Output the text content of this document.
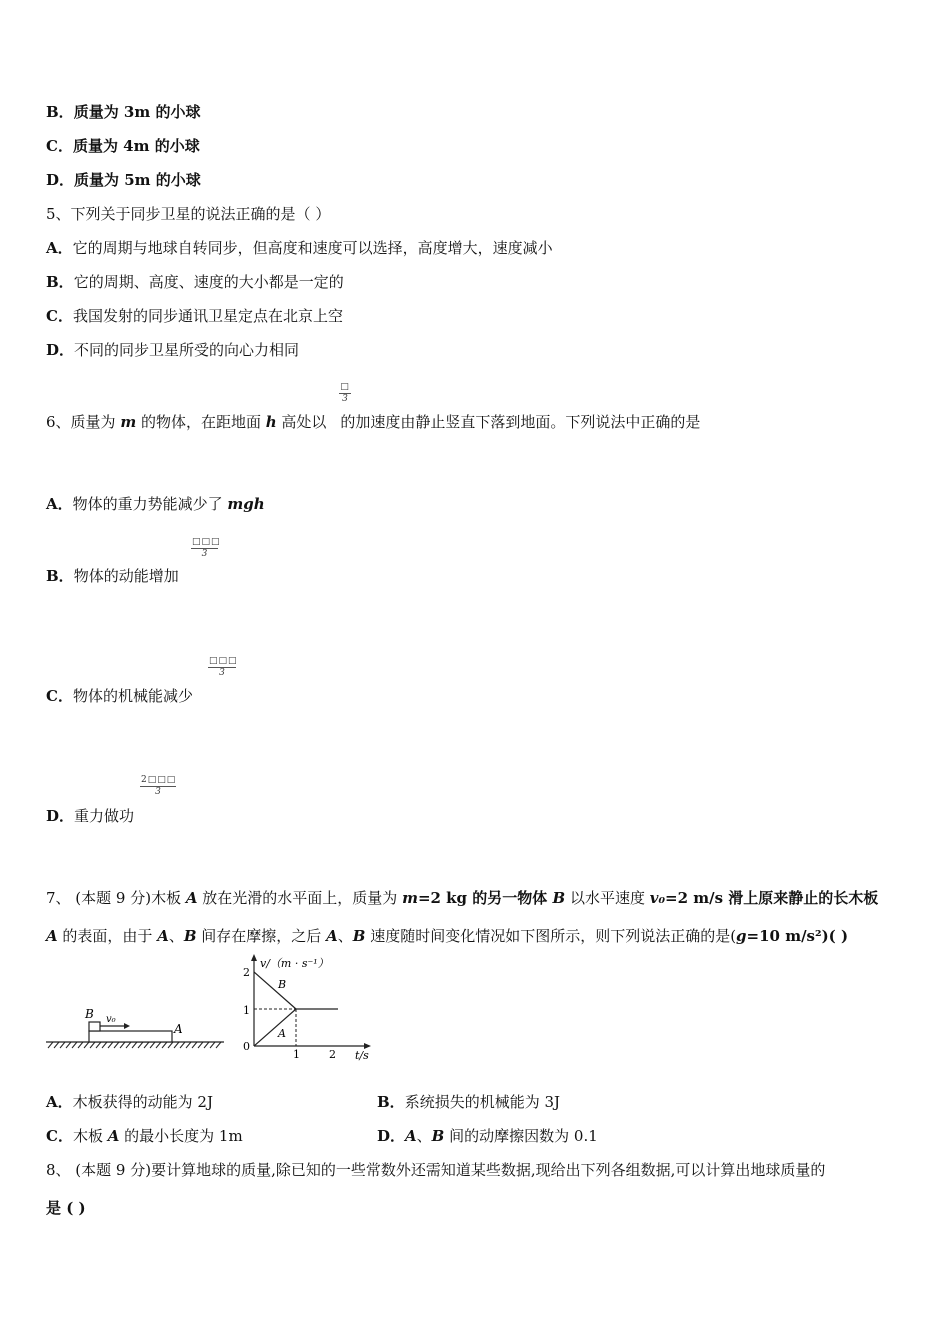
B．质量为 3m 的小球
C．质量为 4m 的小球
D．质量为 5m 的小球
5、下列关于同步卫星的说法正确的是（ ）
A．它的周期与地球自转同步，但高度和速度可以选择，高度增大，速度减小
B．它的周期、高度、速度的大小都是一定的
C．我国发射的同步通讯卫星定点在北京上空
D．不同的同步卫星所受的向心力相同
□
3
6、质量为 m 的物体，在距地面 h 高处以 的加速度由静止竖直下落到地面。下列说法中正确的是
A．物体的重力势能减少了 mgh
□□□
3
B．物体的动能增加
□□□
3
C．物体的机械能减少
$\frac{2□□□}{3}$
D．重力做功
7、 (本题 9 分)木板 A 放在光滑的水平面上，质量为 m=2 kg 的另一物体 B 以水平速度 v₀=2 m/s 滑上原来静止的长木板
A 的表面，由于 A、B 间存在摩擦，之后 A、B 速度随时间变化情况如下图所示，则下列说法正确的是(g=10 m/s²)( )
B v₀
A
v/（m · s⁻¹）
t/s
2
1
0
1	2
B
A
A．木板获得的动能为 2J	B．系统损失的机械能为 3J
C．木板 A 的最小长度为 1m	D．A、B 间的动摩擦因数为 0.1
8、 (本题 9 分)要计算地球的质量,除已知的一些常数外还需知道某些数据,现给出下列各组数据,可以计算出地球质量的
是 ( )
